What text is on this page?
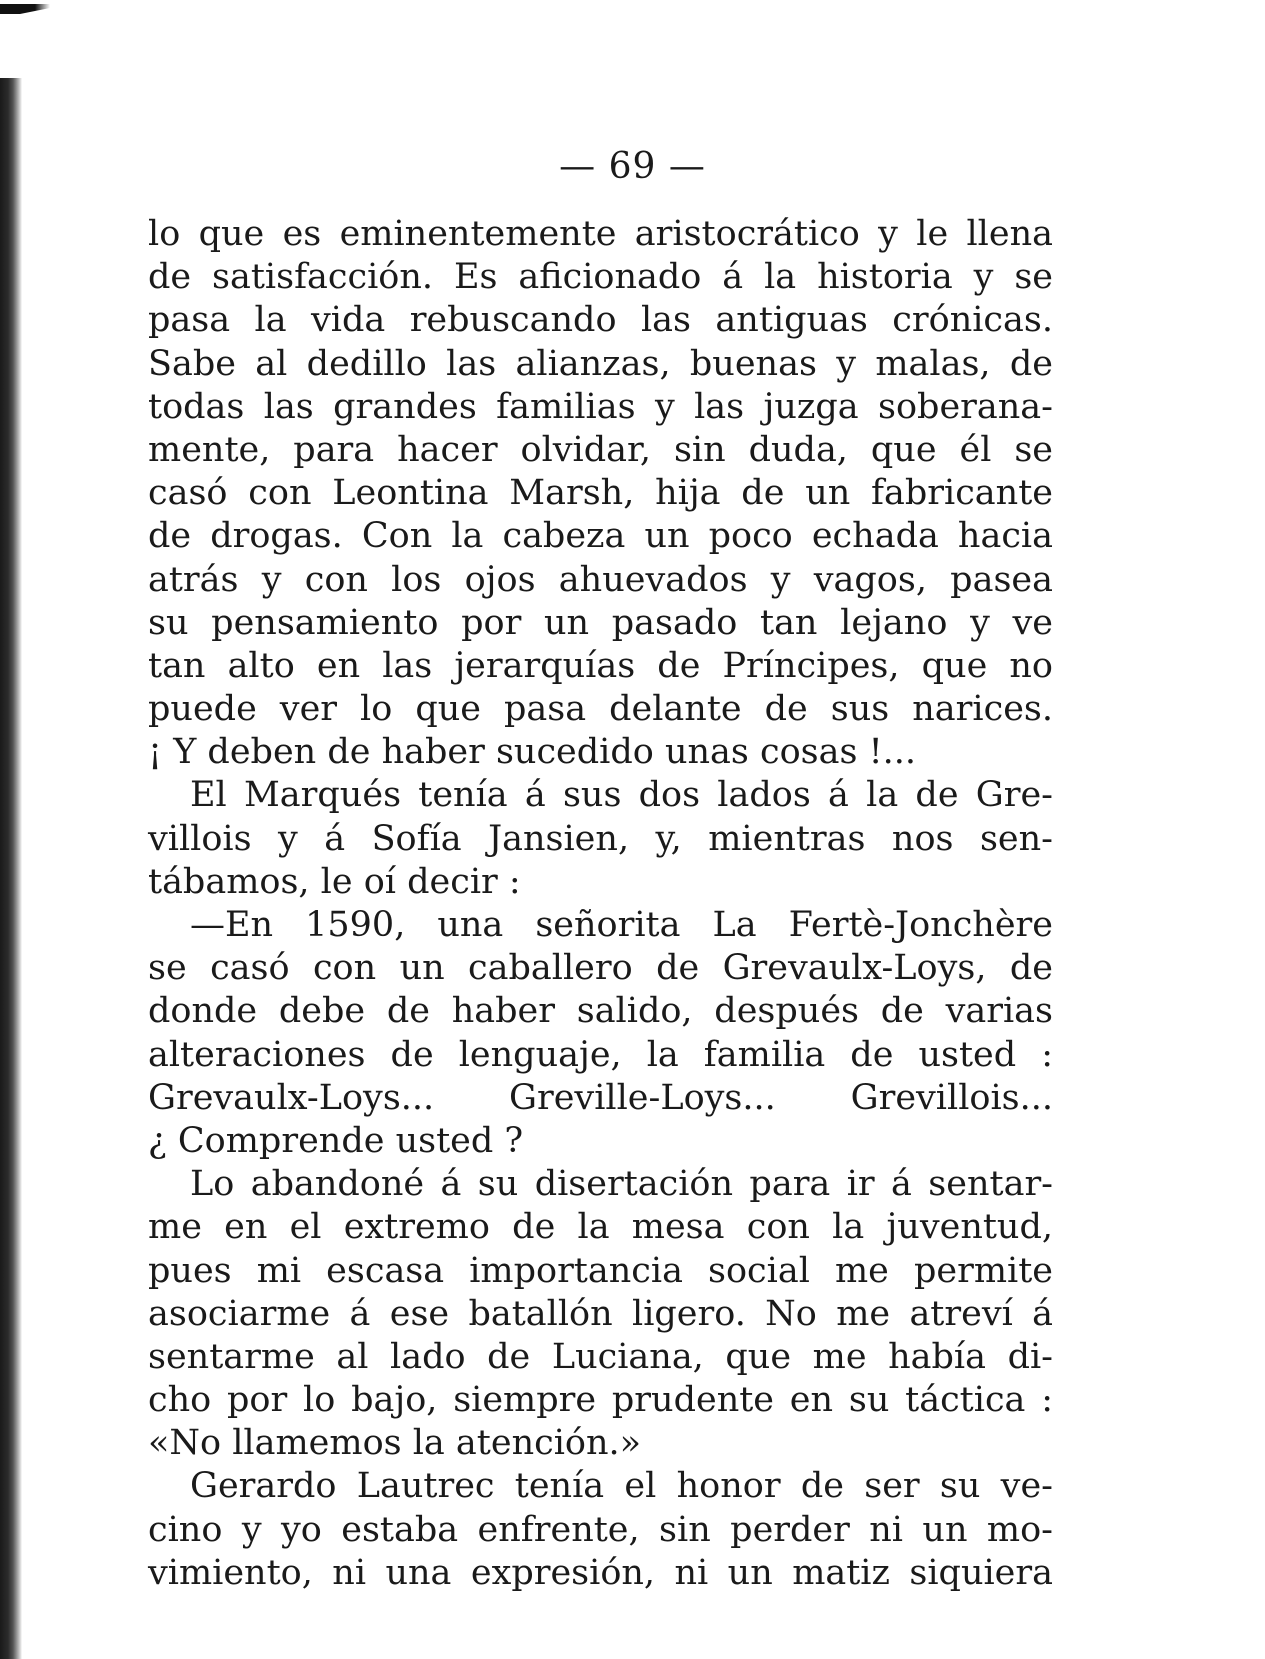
— 69 —
lo que es eminentemente aristocrático y le llena
de satisfacción. Es aficionado á la historia y se
pasa la vida rebuscando las antiguas crónicas.
Sabe al dedillo las alianzas, buenas y malas, de
todas las grandes familias y las juzga soberana-
mente, para hacer olvidar, sin duda, que él se
casó con Leontina Marsh, hija de un fabricante
de drogas. Con la cabeza un poco echada hacia
atrás y con los ojos ahuevados y vagos, pasea
su pensamiento por un pasado tan lejano y ve
tan alto en las jerarquías de Príncipes, que no
puede ver lo que pasa delante de sus narices.
¡ Y deben de haber sucedido unas cosas !...
El Marqués tenía á sus dos lados á la de Gre-
villois y á Sofía Jansien, y, mientras nos sen-
tábamos, le oí decir :
—En 1590, una señorita La Fertè-Jonchère
se casó con un caballero de Grevaulx-Loys, de
donde debe de haber salido, después de varias
alteraciones de lenguaje, la familia de usted :
Grevaulx-Loys... Greville-Loys... Grevillois...
¿ Comprende usted ?
Lo abandoné á su disertación para ir á sentar-
me en el extremo de la mesa con la juventud,
pues mi escasa importancia social me permite
asociarme á ese batallón ligero. No me atreví á
sentarme al lado de Luciana, que me había di-
cho por lo bajo, siempre prudente en su táctica :
«No llamemos la atención.»
Gerardo Lautrec tenía el honor de ser su ve-
cino y yo estaba enfrente, sin perder ni un mo-
vimiento, ni una expresión, ni un matiz siquiera
